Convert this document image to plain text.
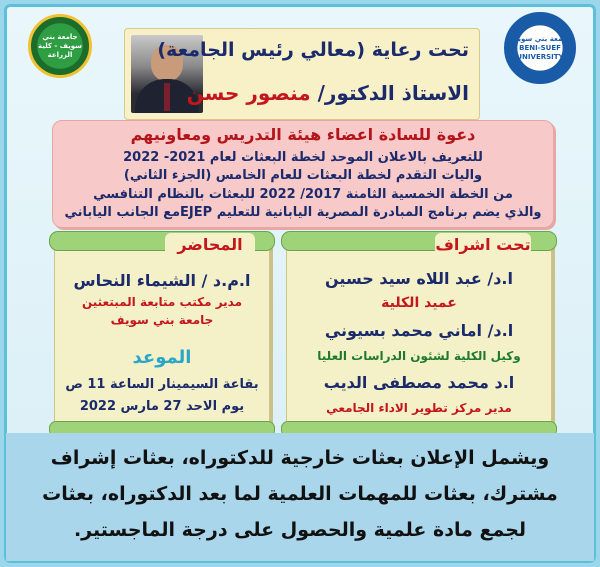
جامعة بني سويف - كلية الزراعة
جامعة بني سويف BENI-SUEF UNIVERSITY
تحت رعاية (معالي رئيس الجامعة)
الاستاذ الدكتور/ منصور حسن
دعوة للسادة اعضاء هيئة التدريس ومعاونيهم
للتعريف بالاعلان الموحد لخطة البعثات لعام 2021- 2022
واليات التقدم لخطة البعثات للعام الخامس (الجزء الثاني)
من الخطة الخمسية الثامنة 2017/ 2022 للبعثات بالنظام التنافسي
والذي يضم برنامج المبادرة المصرية اليابانية للتعليم EJEPمع الجانب الياباني
المحاضر
ا.م.د / الشيماء النحاس
مدير مكتب متابعة المبتعثين
جامعة بني سويف
الموعد
بقاعة السيمينار الساعة 11 ص
يوم الاحد 27 مارس 2022
تحت اشراف
ا.د/ عبد اللاه سيد حسين
عميد الكلية
ا.د/ اماني محمد بسيوني
وكيل الكلية لشئون الدراسات العليا
ا.د محمد مصطفى الديب
مدير مركز تطوير الاداء الجامعي
ويشمل الإعلان بعثات خارجية للدكتوراه، بعثات إشراف
مشترك، بعثات للمهمات العلمية لما بعد الدكتوراه، بعثات
لجمع مادة علمية والحصول على درجة الماجستير.
